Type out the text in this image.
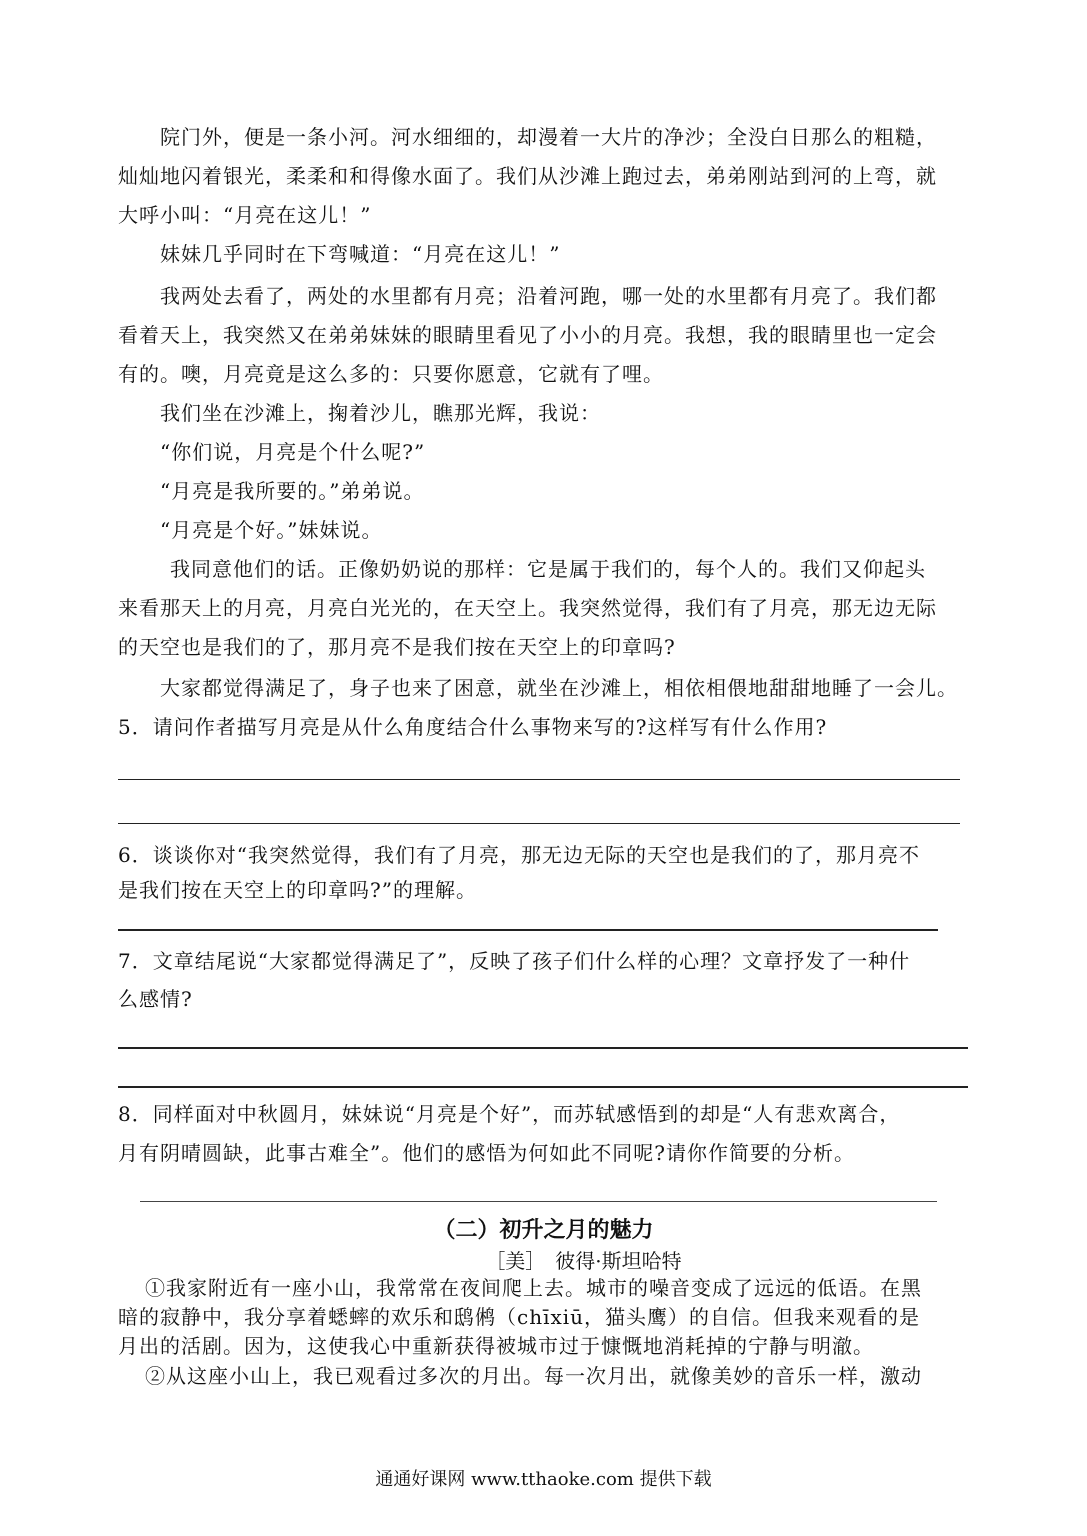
院门外，便是一条小河。河水细细的，却漫着一大片的净沙；全没白日那么的粗糙，
灿灿地闪着银光，柔柔和和得像水面了。我们从沙滩上跑过去，弟弟刚站到河的上弯，就
大呼小叫：“月亮在这儿！”
妹妹几乎同时在下弯喊道：“月亮在这儿！”
我两处去看了，两处的水里都有月亮；沿着河跑，哪一处的水里都有月亮了。我们都
看着天上，我突然又在弟弟妹妹的眼睛里看见了小小的月亮。我想，我的眼睛里也一定会
有的。噢，月亮竟是这么多的：只要你愿意，它就有了哩。
我们坐在沙滩上，掬着沙儿，瞧那光辉，我说：
“你们说，月亮是个什么呢?”
“月亮是我所要的。”弟弟说。
“月亮是个好。”妹妹说。
我同意他们的话。正像奶奶说的那样：它是属于我们的，每个人的。我们又仰起头
来看那天上的月亮，月亮白光光的，在天空上。我突然觉得，我们有了月亮，那无边无际
的天空也是我们的了，那月亮不是我们按在天空上的印章吗?
大家都觉得满足了，身子也来了困意，就坐在沙滩上，相依相偎地甜甜地睡了一会儿。
5．请问作者描写月亮是从什么角度结合什么事物来写的?这样写有什么作用?
6．谈谈你对“我突然觉得，我们有了月亮，那无边无际的天空也是我们的了，那月亮不
是我们按在天空上的印章吗?”的理解。
7．文章结尾说“大家都觉得满足了”，反映了孩子们什么样的心理？文章抒发了一种什
么感情?
8．同样面对中秋圆月，妹妹说“月亮是个好”，而苏轼感悟到的却是“人有悲欢离合，
月有阴晴圆缺，此事古难全”。他们的感悟为何如此不同呢?请你作简要的分析。
（二）初升之月的魅力
［美］　彼得·斯坦哈特
①我家附近有一座小山，我常常在夜间爬上去。城市的噪音变成了远远的低语。在黑
暗的寂静中，我分享着蟋蟀的欢乐和鸱鸺（chīxiū，猫头鹰）的自信。但我来观看的是
月出的活剧。因为，这使我心中重新获得被城市过于慷慨地消耗掉的宁静与明澈。
②从这座小山上，我已观看过多次的月出。每一次月出，就像美妙的音乐一样，激动
通通好课网 www.tthaoke.com 提供下载
